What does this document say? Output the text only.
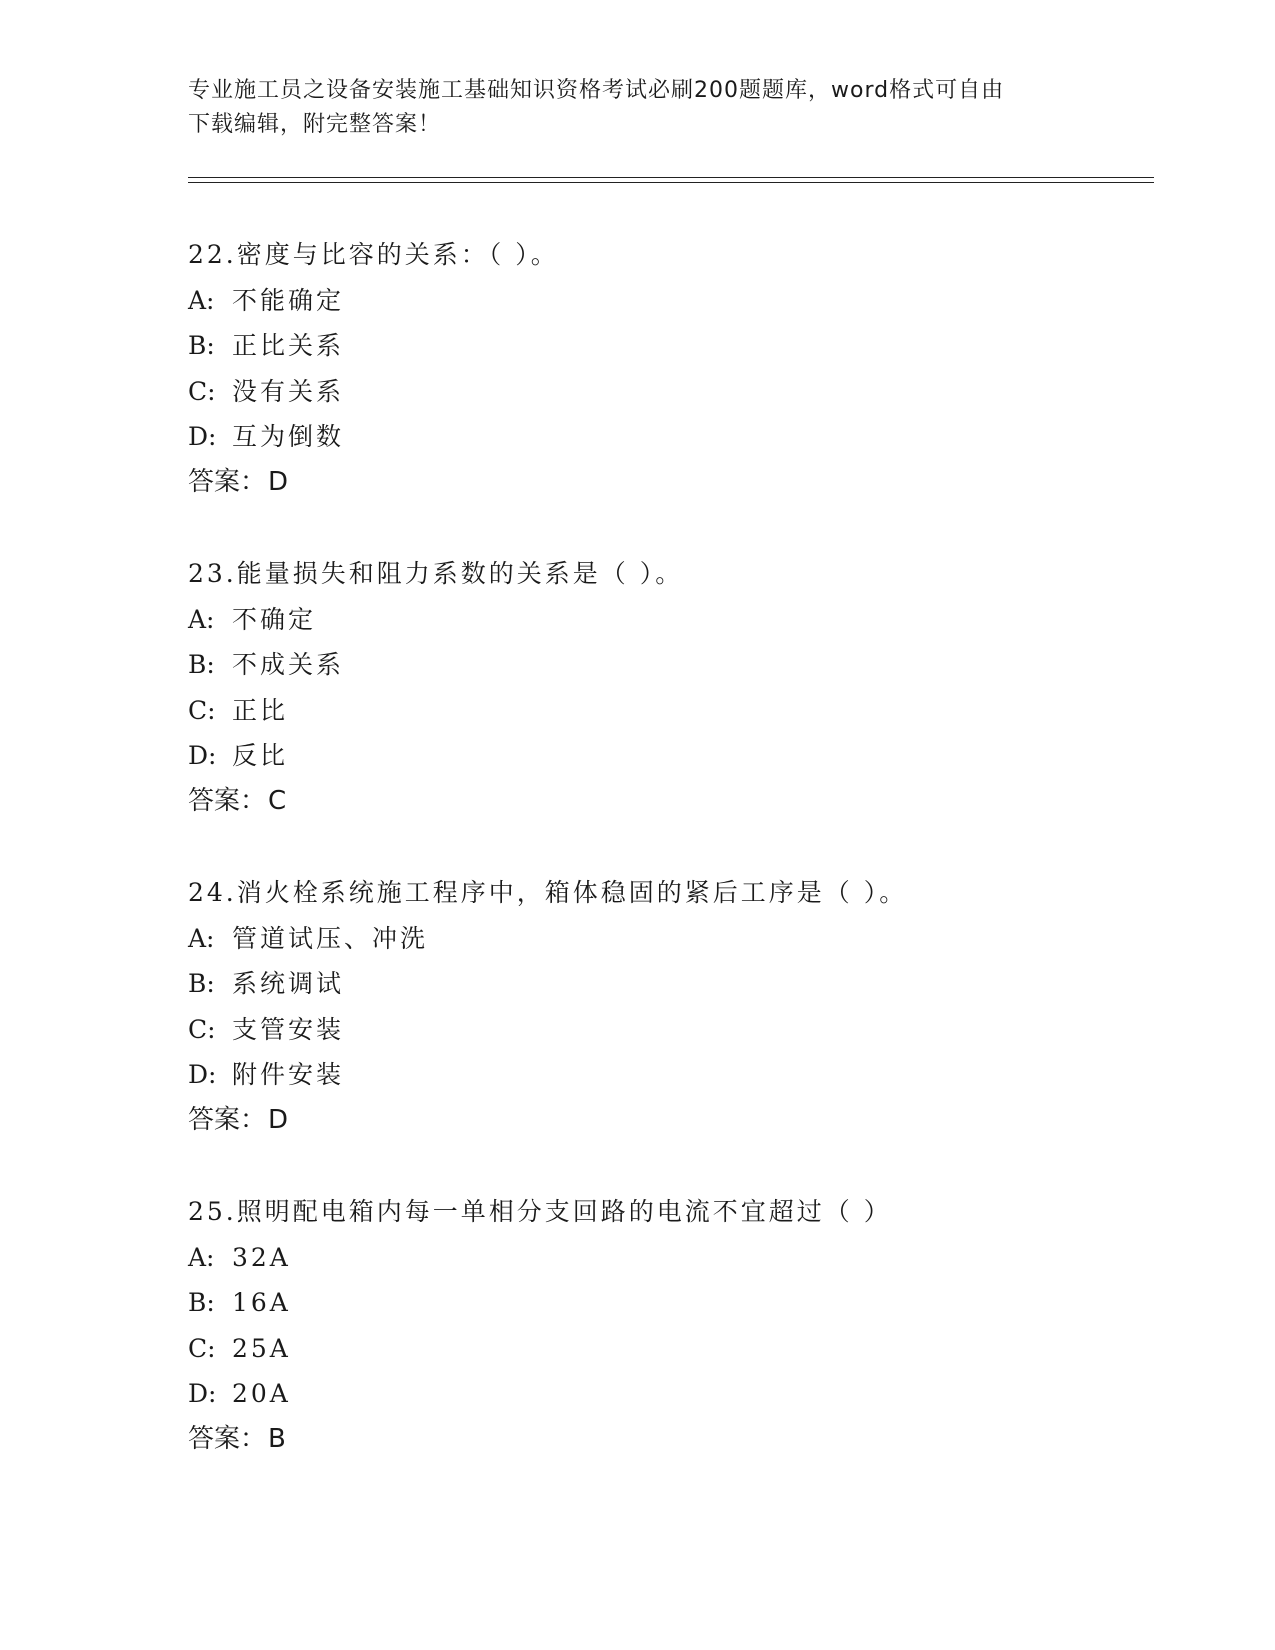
专业施工员之设备安装施工基础知识资格考试必刷200题题库，word格式可自由
下载编辑，附完整答案！
22.密度与比容的关系：（ ）。
A: 不能确定
B: 正比关系
C: 没有关系
D: 互为倒数
答案：D
23.能量损失和阻力系数的关系是（ ）。
A: 不确定
B: 不成关系
C: 正比
D: 反比
答案：C
24.消火栓系统施工程序中，箱体稳固的紧后工序是（ ）。
A: 管道试压、冲洗
B: 系统调试
C: 支管安装
D: 附件安装
答案：D
25.照明配电箱内每一单相分支回路的电流不宜超过（ ）
A: 32A
B: 16A
C: 25A
D: 20A
答案：B
